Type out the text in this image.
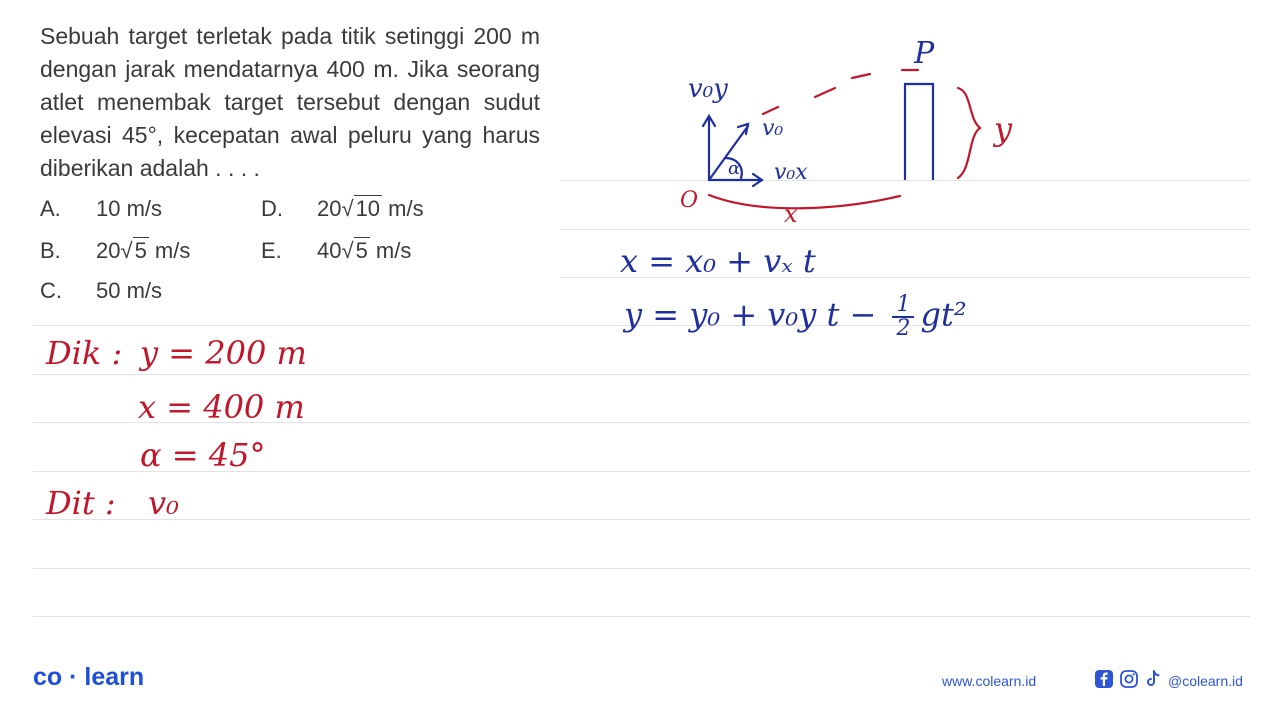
Sebuah target terletak pada titik setinggi 200 m dengan jarak mendatarnya 400 m. Jika seorang atlet menembak target tersebut dengan sudut elevasi 45°, kecepatan awal peluru yang harus diberikan adalah . . . .
A. 10 m/s	D. 20√10 m/s
B. 20√5 m/s	E. 40√5 m/s
C. 50 m/s
v₀y
v₀
α v₀x
O
P
x
y
x = x₀ + vₓ t
y = y₀ + v₀y $t - \frac{1}{2} gt^2$
Dik : y = 200 m
x = 400 m
α = 45°
Dit : v₀
co · learn	www.colearn.id	@colearn.id
